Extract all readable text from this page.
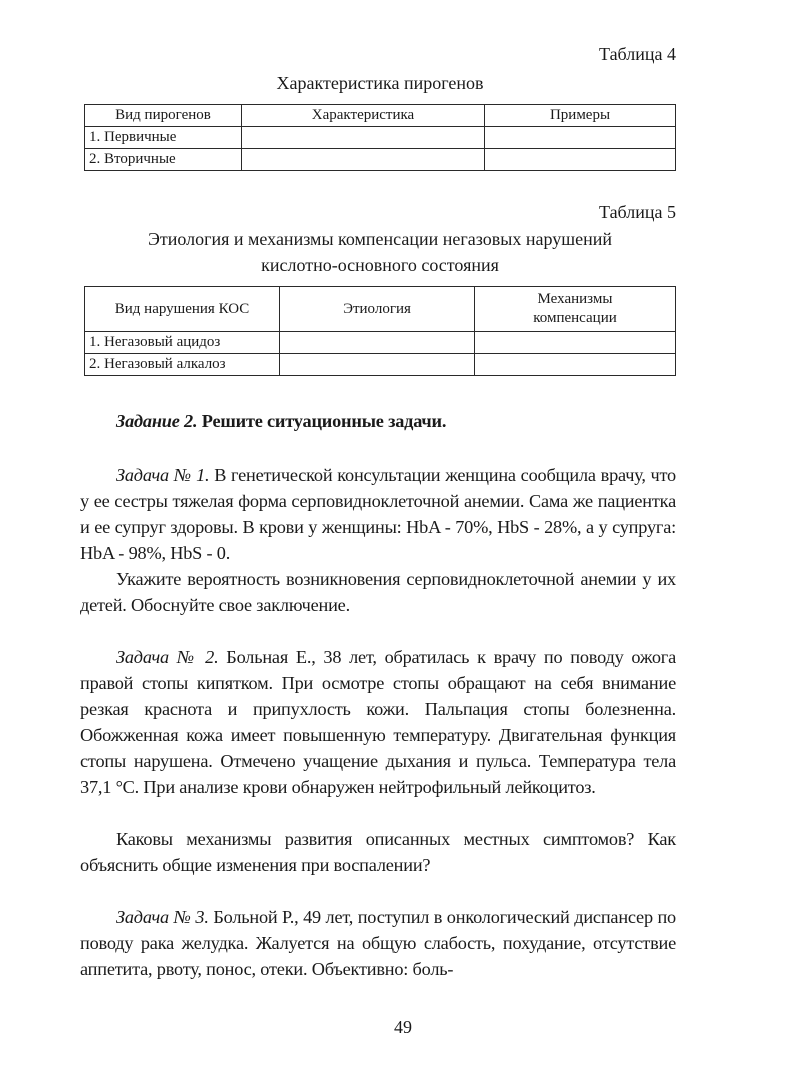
Таблица 4
Характеристика пирогенов
Вид пирогенов	Характеристика	Примеры
1. Первичные		
2. Вторичные		
Таблица 5
Этиология и механизмы компенсации негазовых нарушений
кислотно-основного состояния
Вид нарушения КОС	Этиология	Механизмы компенсации
1. Негазовый ацидоз		
2. Негазовый алкалоз		
Задание 2. Решите ситуационные задачи.
Задача № 1. В генетической консультации женщина сообщила врачу, что у ее сестры тяжелая форма серповидноклеточной анемии. Сама же пациентка и ее супруг здоровы. В крови у женщины: HbA - 70%, HbS - 28%, а у супруга: HbA - 98%, HbS - 0.
Укажите вероятность возникновения серповидноклеточной анемии у их детей. Обоснуйте свое заключение.
Задача № 2. Больная Е., 38 лет, обратилась к врачу по поводу ожога правой стопы кипятком. При осмотре стопы обращают на себя внимание резкая краснота и припухлость кожи. Пальпация стопы болезненна. Обожженная кожа имеет повышенную температуру. Двигательная функция стопы нарушена. Отмечено учащение дыхания и пульса. Температура тела 37,1 °С. При анализе крови обнаружен нейтрофильный лейкоцитоз.
Каковы механизмы развития описанных местных симптомов? Как объяснить общие изменения при воспалении?
Задача № 3. Больной Р., 49 лет, поступил в онкологический диспансер по поводу рака желудка. Жалуется на общую слабость, похудание, отсутствие аппетита, рвоту, понос, отеки. Объективно: боль-
49
